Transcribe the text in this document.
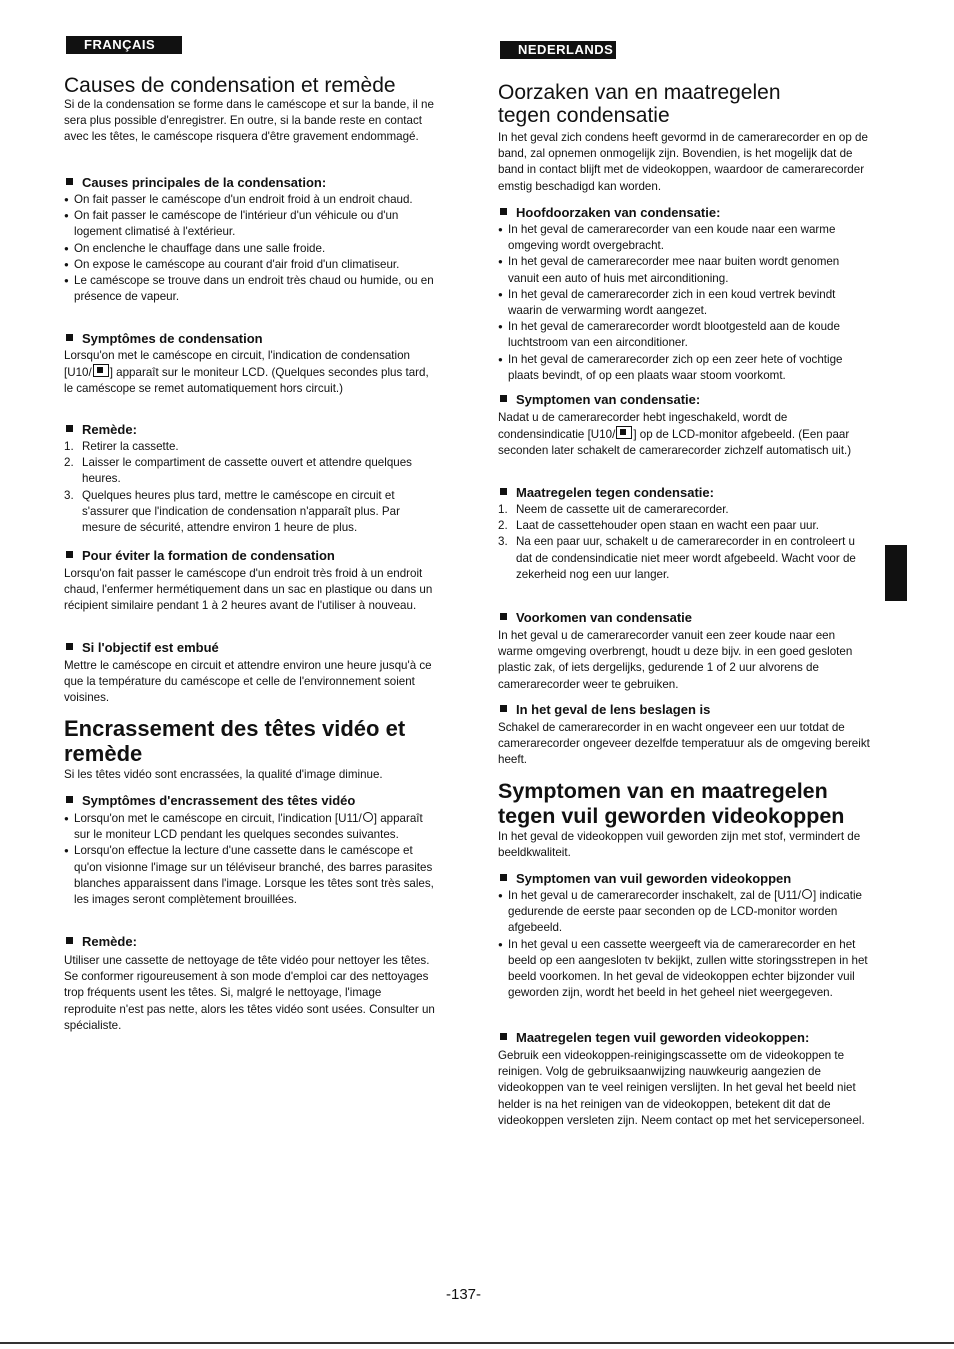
FRANÇAIS
Causes de condensation et remède

Si de la condensation se forme dans le caméscope et sur la bande, il ne sera plus possible d'enregistrer. En outre, si la bande reste en contact avec les têtes, le caméscope risquera d'être gravement endommagé.

Causes principales de la condensation:
● On fait passer le caméscope d'un endroit froid à un endroit chaud.
● On fait passer le caméscope de l'intérieur d'un véhicule ou d'un logement climatisé à l'extérieur.
● On enclenche le chauffage dans une salle froide.
● On expose le caméscope au courant d'air froid d'un climatiseur.
● Le caméscope se trouve dans un endroit très chaud ou humide, ou en présence de vapeur.
Symptômes de condensation

Lorsqu'on met le caméscope en circuit, l'indication de condensation [U10/ ] apparaît sur le moniteur LCD. (Quelques secondes plus tard, le caméscope se remet automatiquement hors circuit.)

Remède:
1. Retirer la cassette.
2. Laisser le compartiment de cassette ouvert et attendre quelques heures.
3. Quelques heures plus tard, mettre le caméscope en circuit et s'assurer que l'indication de condensation n'apparaît plus. Par mesure de sécurité, attendre environ 1 heure de plus.
Pour éviter la formation de condensation

Lorsqu'on fait passer le caméscope d'un endroit très froid à un endroit chaud, l'enfermer hermétiquement dans un sac en plastique ou dans un récipient similaire pendant 1 à 2 heures avant de l'utiliser à nouveau.

Si l'objectif est embué

Mettre le caméscope en circuit et attendre environ une heure jusqu'à ce que la température du caméscope et celle de l'environnement soient voisines.

Encrassement des têtes vidéo et remède

Si les têtes vidéo sont encrassées, la qualité d'image diminue.

Symptômes d'encrassement des têtes vidéo
● Lorsqu'on met le caméscope en circuit, l'indication [U11/ ] apparaît sur le moniteur LCD pendant les quelques secondes suivantes.
● Lorsqu'on effectue la lecture d'une cassette dans le caméscope et qu'on visionne l'image sur un téléviseur branché, des barres parasites blanches apparaissent dans l'image. Lorsque les têtes sont très sales, les images seront complètement brouillées.
Remède:

Utiliser une cassette de nettoyage de tête vidéo pour nettoyer les têtes. Se conformer rigoureusement à son mode d'emploi car des nettoyages trop fréquents usent les têtes. Si, malgré le nettoyage, l'image reproduite n'est pas nette, alors les têtes vidéo sont usées. Consulter un spécialiste.

NEDERLANDS
Oorzaken van en maatregelen tegen condensatie

In het geval zich condens heeft gevormd in de camerarecorder en op de band, zal opnemen onmogelijk zijn. Bovendien, is het mogelijk dat de band in contact blijft met de videokoppen, waardoor de camerarecorder emstig beschadigd kan worden.

Hoofdoorzaken van condensatie:
● In het geval de camerarecorder van een koude naar een warme omgeving wordt overgebracht.
● In het geval de camerarecorder mee naar buiten wordt genomen vanuit een auto of huis met airconditioning.
● In het geval de camerarecorder zich in een koud vertrek bevindt waarin de verwarming wordt aangezet.
● In het geval de camerarecorder wordt blootgesteld aan de koude luchtstroom van een airconditioner.
● In het geval de camerarecorder zich op een zeer hete of vochtige plaats bevindt, of op een plaats waar stoom voorkomt.
Symptomen van condensatie:

Nadat u de camerarecorder hebt ingeschakeld, wordt de condensindicatie [U10/ ] op de LCD-monitor afgebeeld. (Een paar seconden later schakelt de camerarecorder zichzelf automatisch uit.)

Maatregelen tegen condensatie:
1. Neem de cassette uit de camerarecorder.
2. Laat de cassettehouder open staan en wacht een paar uur.
3. Na een paar uur, schakelt u de camerarecorder in en controleert u dat de condensindicatie niet meer wordt afgebeeld. Wacht voor de zekerheid nog een uur langer.
Voorkomen van condensatie

In het geval u de camerarecorder vanuit een zeer koude naar een warme omgeving overbrengt, houdt u deze bijv. in een goed gesloten plastic zak, of iets dergelijks, gedurende 1 of 2 uur alvorens de camerarecorder weer te gebruiken.

In het geval de lens beslagen is

Schakel de camerarecorder in en wacht ongeveer een uur totdat de camerarecorder ongeveer dezelfde temperatuur als de omgeving bereikt heeft.

Symptomen van en maatregelen tegen vuil geworden videokoppen

In het geval de videokoppen vuil geworden zijn met stof, vermindert de beeldkwaliteit.

Symptomen van vuil geworden videokoppen
● In het geval u de camerarecorder inschakelt, zal de [U11/ ] indicatie gedurende de eerste paar seconden op de LCD-monitor worden afgebeeld.
● In het geval u een cassette weergeeft via de camerarecorder en het beeld op een aangesloten tv bekijkt, zullen witte storingsstrepen in het beeld voorkomen. In het geval de videokoppen echter bijzonder vuil geworden zijn, wordt het beeld in het geheel niet weergegeven.
Maatregelen tegen vuil geworden videokoppen:

Gebruik een videokoppen-reinigingscassette om de videokoppen te reinigen. Volg de gebruiksaanwijzing nauwkeurig aangezien de videokoppen van te veel reinigen verslijten. In het geval het beeld niet helder is na het reinigen van de videokoppen, betekent dit dat de videokoppen versleten zijn. Neem contact op met het servicepersoneel.

-137-
